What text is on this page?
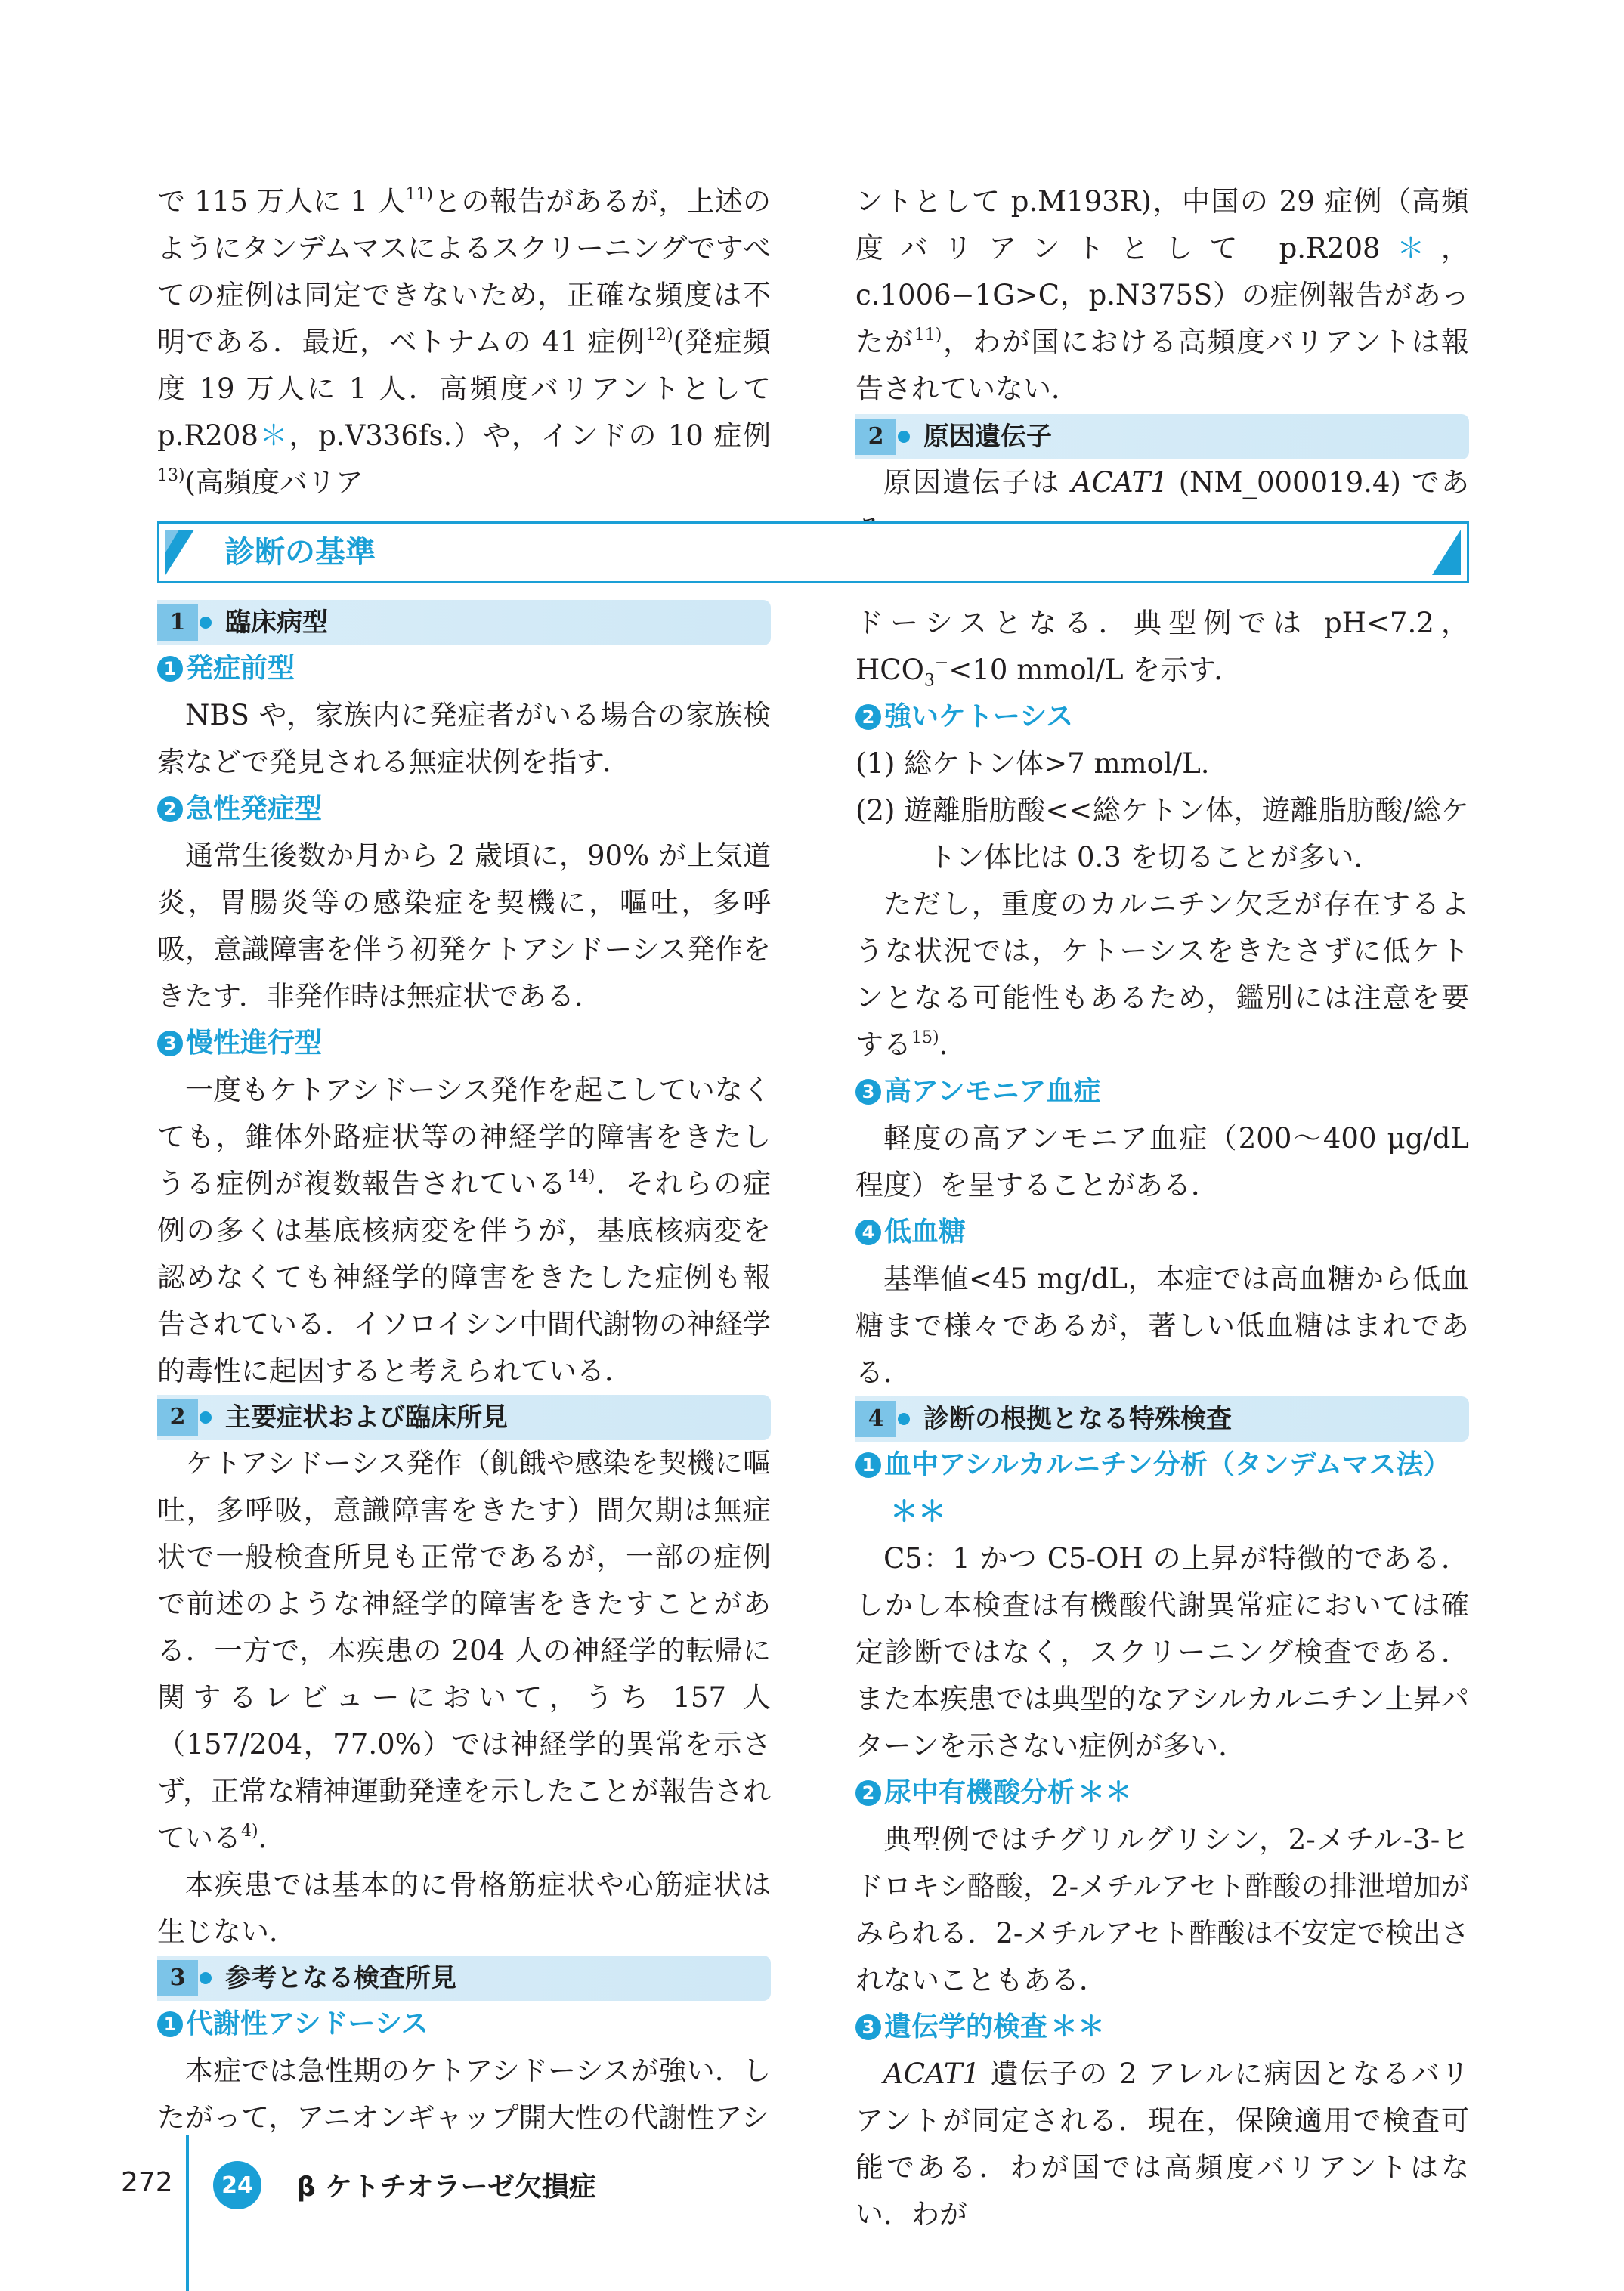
で 115 万人に 1 人$^{11)}$との報告があるが，上述のようにタンデムマスによるスクリーニングですべての症例は同定できないため，正確な頻度は不明である．最近，ベトナムの 41 症例$^{12)}$(発症頻度 19 万人に 1 人．高頻度バリアントとして p.R208＊，p.V336fs.）や，インドの 10 症例$^{13)}$(高頻度バリア

ントとして p.M193R)，中国の 29 症例（高頻度バリアントとして p.R208＊，c.1006−1G>C，p.N375S）の症例報告があったが$^{11)}$，わが国における高頻度バリアントは報告されていない．

2	原因遺伝子

原因遺伝子は ACAT1 (NM_000019.4) であ

診断の基準
1	臨床病型
1 発症前型

NBS や，家族内に発症者がいる場合の家族検索などで発見される無症状例を指す．

2 急性発症型

通常生後数か月から 2 歳頃に，90% が上気道炎，胃腸炎等の感染症を契機に，嘔吐，多呼吸，意識障害を伴う初発ケトアシドーシス発作をきたす．非発作時は無症状である．

3 慢性進行型

一度もケトアシドーシス発作を起こしていなくても，錐体外路症状等の神経学的障害をきたしうる症例が複数報告されている$^{14)}$．それらの症例の多くは基底核病変を伴うが，基底核病変を認めなくても神経学的障害をきたした症例も報告されている．イソロイシン中間代謝物の神経学的毒性に起因すると考えられている．

2	主要症状および臨床所見

ケトアシドーシス発作（飢餓や感染を契機に嘔吐，多呼吸，意識障害をきたす）間欠期は無症状で一般検査所見も正常であるが，一部の症例で前述のような神経学的障害をきたすことがある．一方で，本疾患の 204 人の神経学的転帰に関するレビューにおいて，うち 157 人（157/204，77.0%）では神経学的異常を示さず，正常な精神運動発達を示したことが報告されている$^{4)}$．

本疾患では基本的に骨格筋症状や心筋症状は生じない．

3	参考となる検査所見
1 代謝性アシドーシス

本症では急性期のケトアシドーシスが強い．したがって，アニオンギャップ開大性の代謝性アシ

ドーシスとなる．典型例では pH<7.2，$HCO_3^-<10$ mmol/L を示す．

2 強いケトーシス

(1) 総ケトン体>7 mmol/L.

(2) 遊離脂肪酸<<総ケトン体，遊離脂肪酸/総ケトン体比は 0.3 を切ることが多い．

ただし，重度のカルニチン欠乏が存在するような状況では，ケトーシスをきたさずに低ケトンとなる可能性もあるため，鑑別には注意を要する$^{15)}$．

3 高アンモニア血症

軽度の高アンモニア血症（200〜400 μg/dL 程度）を呈することがある．

4 低血糖

基準値<45 mg/dL，本症では高血糖から低血糖まで様々であるが，著しい低血糖はまれである．

4	診断の根拠となる特殊検査
1 血中アシルカルニチン分析（タンデムマス法）
＊＊

C5：1 かつ C5-OH の上昇が特徴的である．しかし本検査は有機酸代謝異常症においては確定診断ではなく，スクリーニング検査である．また本疾患では典型的なアシルカルニチン上昇パターンを示さない症例が多い．

2 尿中有機酸分析 ＊＊

典型例ではチグリルグリシン，2-メチル-3-ヒドロキシ酪酸，2-メチルアセト酢酸の排泄増加がみられる．2-メチルアセト酢酸は不安定で検出されないこともある．

3 遺伝学的検査 ＊＊

ACAT1 遺伝子の 2 アレルに病因となるバリアントが同定される．現在，保険適用で検査可能である．わが国では高頻度バリアントはない．わが

272	24	β ケトチオラーゼ欠損症
